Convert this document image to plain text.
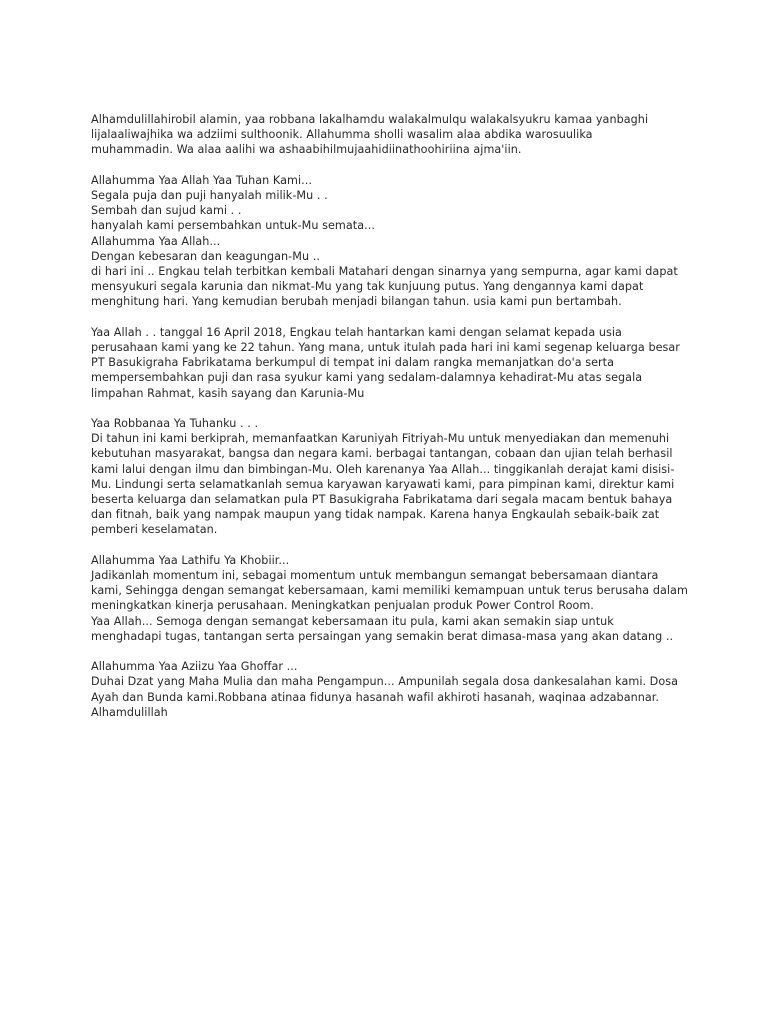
Alhamdulillahirobil alamin, yaa robbana lakalhamdu walakalmulqu walakalsyukru kamaa yanbaghi
lijalaaliwajhika wa adziimi sulthoonik. Allahumma sholli wasalim alaa abdika warosuulika
muhammadin. Wa alaa aalihi wa ashaabihilmujaahidiinathoohiriina ajma'iin.

Allahumma Yaa Allah Yaa Tuhan Kami...
Segala puja dan puji hanyalah milik-Mu . .
Sembah dan sujud kami . .
hanyalah kami persembahkan untuk-Mu semata...
Allahumma Yaa Allah...
Dengan kebesaran dan keagungan-Mu ..
di hari ini .. Engkau telah terbitkan kembali Matahari dengan sinarnya yang sempurna, agar kami dapat
mensyukuri segala karunia dan nikmat-Mu yang tak kunjuung putus. Yang dengannya kami dapat
menghitung hari. Yang kemudian berubah menjadi bilangan tahun. usia kami pun bertambah.

Yaa Allah . . tanggal 16 April 2018, Engkau telah hantarkan kami dengan selamat kepada usia
perusahaan kami yang ke 22 tahun. Yang mana, untuk itulah pada hari ini kami segenap keluarga besar
PT Basukigraha Fabrikatama berkumpul di tempat ini dalam rangka memanjatkan do'a serta
mempersembahkan puji dan rasa syukur kami yang sedalam-dalamnya kehadirat-Mu atas segala
limpahan Rahmat, kasih sayang dan Karunia-Mu

Yaa Robbanaa Ya Tuhanku . . .
Di tahun ini kami berkiprah, memanfaatkan Karuniyah Fitriyah-Mu untuk menyediakan dan memenuhi
kebutuhan masyarakat, bangsa dan negara kami. berbagai tantangan, cobaan dan ujian telah berhasil
kami lalui dengan ilmu dan bimbingan-Mu. Oleh karenanya Yaa Allah... tinggikanlah derajat kami disisi-
Mu. Lindungi serta selamatkanlah semua karyawan karyawati kami, para pimpinan kami, direktur kami
beserta keluarga dan selamatkan pula PT Basukigraha Fabrikatama dari segala macam bentuk bahaya
dan fitnah, baik yang nampak maupun yang tidak nampak. Karena hanya Engkaulah sebaik-baik zat
pemberi keselamatan.

Allahumma Yaa Lathifu Ya Khobiir...
Jadikanlah momentum ini, sebagai momentum untuk membangun semangat bebersamaan diantara
kami, Sehingga dengan semangat kebersamaan, kami memiliki kemampuan untuk terus berusaha dalam
meningkatkan kinerja perusahaan. Meningkatkan penjualan produk Power Control Room.
Yaa Allah... Semoga dengan semangat kebersamaan itu pula, kami akan semakin siap untuk
menghadapi tugas, tantangan serta persaingan yang semakin berat dimasa-masa yang akan datang ..

Allahumma Yaa Aziizu Yaa Ghoffar ...
Duhai Dzat yang Maha Mulia dan maha Pengampun... Ampunilah segala dosa dankesalahan kami. Dosa
Ayah dan Bunda kami.Robbana atinaa fidunya hasanah wafil akhiroti hasanah, waqinaa adzabannar.
Alhamdulillah
